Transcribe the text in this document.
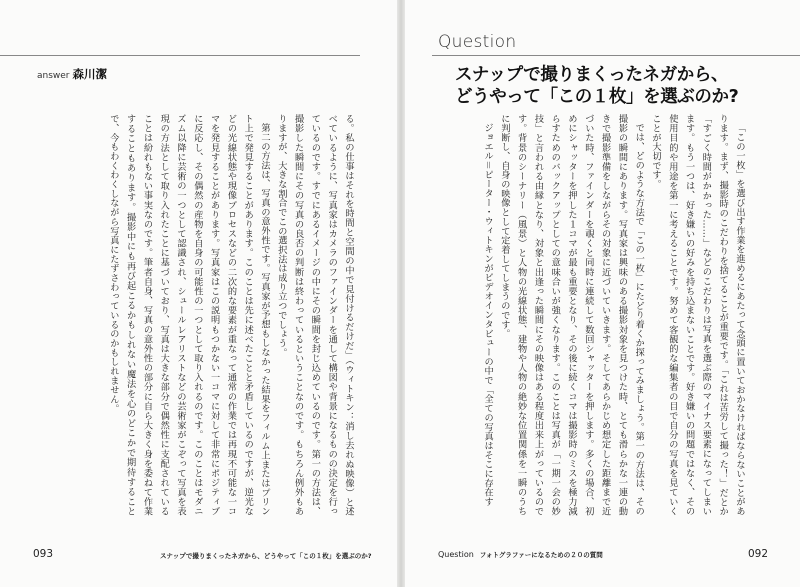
answer 森川潔

る。私の仕事はそれを時間と空間の中で見付けるだけだ」（ウィトキン：消し去れぬ映像）と述べているように、写真家はカメラのファインダーを通して構図や背景になるものの決定を行っているのです。すでにあるイメージの中にその瞬間を封じ込めているのです。第一の方法は、撮影した瞬間にその写真の良否の判断は終わっているということなのです。もちろん例外もありますが、大きな割合でこの選択法は成り立つでしょう。

第二の方法は、写真の意外性です。写真家が予想もしなかった結果をフィルム上またはプリント上で発見することがあります。このことは先に述べたことと矛盾しているのですが、逆光などの光線状態や現像プロセスなどの二次的な要素が重なって通常の作業では再現不可能な一コマを発見することがあります。写真家はこの説明もつかない一コマに対して非常にポジティブに反応し、その偶然の産物を自身の可能性の一つとして取り入れるのです。このことはモダニズム以降に芸術の一つとして認識され、シュールレアリストなどの芸術家がこぞって写真を表現の方法として取り入れたことに基づいており、写真は大きな部分で偶然性に支配されていることは紛れもない事実なのです。筆者自身、写真の意外性の部分に自ら大きく身を委ねて作業することもあります。撮影中にも再び起こるかもしれない魔法を心のどこかで期待することで、今もわくわくしながら写真にたずさわっているのかもしれません。

093	スナップで撮りまくったネガから、どうやって「この１枚」を選ぶのか?
Question
スナップで撮りまくったネガから、
どうやって「この１枚」を選ぶのか?

「この一枚」を選び出す作業を進めるにあたって念頭に置いておかなければならないことがあります。まず、撮影時のこだわりを捨てることが重要です。「これは苦労して撮った！」だとか「すごく時間がかかった……」などのこだわりは写真を選ぶ際のマイナス要素になってしまいます。もう一つは、好き嫌いの好みを持ち込まないことです。好き嫌いの問題ではなく、その使用目的や用途を第一に考えることです。努めて客観的な編集者の目で自分の写真を見ていくことが大切です。

では、どのような方法で「この一枚」にたどり着くか探ってみましょう。第一の方法は、その撮影の瞬間にあります。写真家は興味のある撮影対象を見つけた時、とても滑らかな一連の動きで撮影準備をしながらその対象に近づいていきます。そしてあらかじめ想定した距離まで近づいた時、ファインダーを覗くと同時に連続して数回シャッターを押します。多くの場合、初めにシャッターを押した１コマが最も重要となり、その後に続くコマは撮影時のミスを極力減らすためのバックアップとしての意味合いが強くなります。このことは写真が「一期一会の妙技」と言われる由縁となり、対象と出逢った瞬間にその映像はある程度出来上がっているのです。背景のシーナリー（風景）と人物の光線状態、建物や人物の絶妙な位置関係を一瞬のうちに判断し、自身の映像として定着してしまうのです。

ジョエル＝ピーター・ウィトキンがビデオインタビューの中で「全ての写真はそこに存在す

Question フォトグラファーになるための２０の質問	092
